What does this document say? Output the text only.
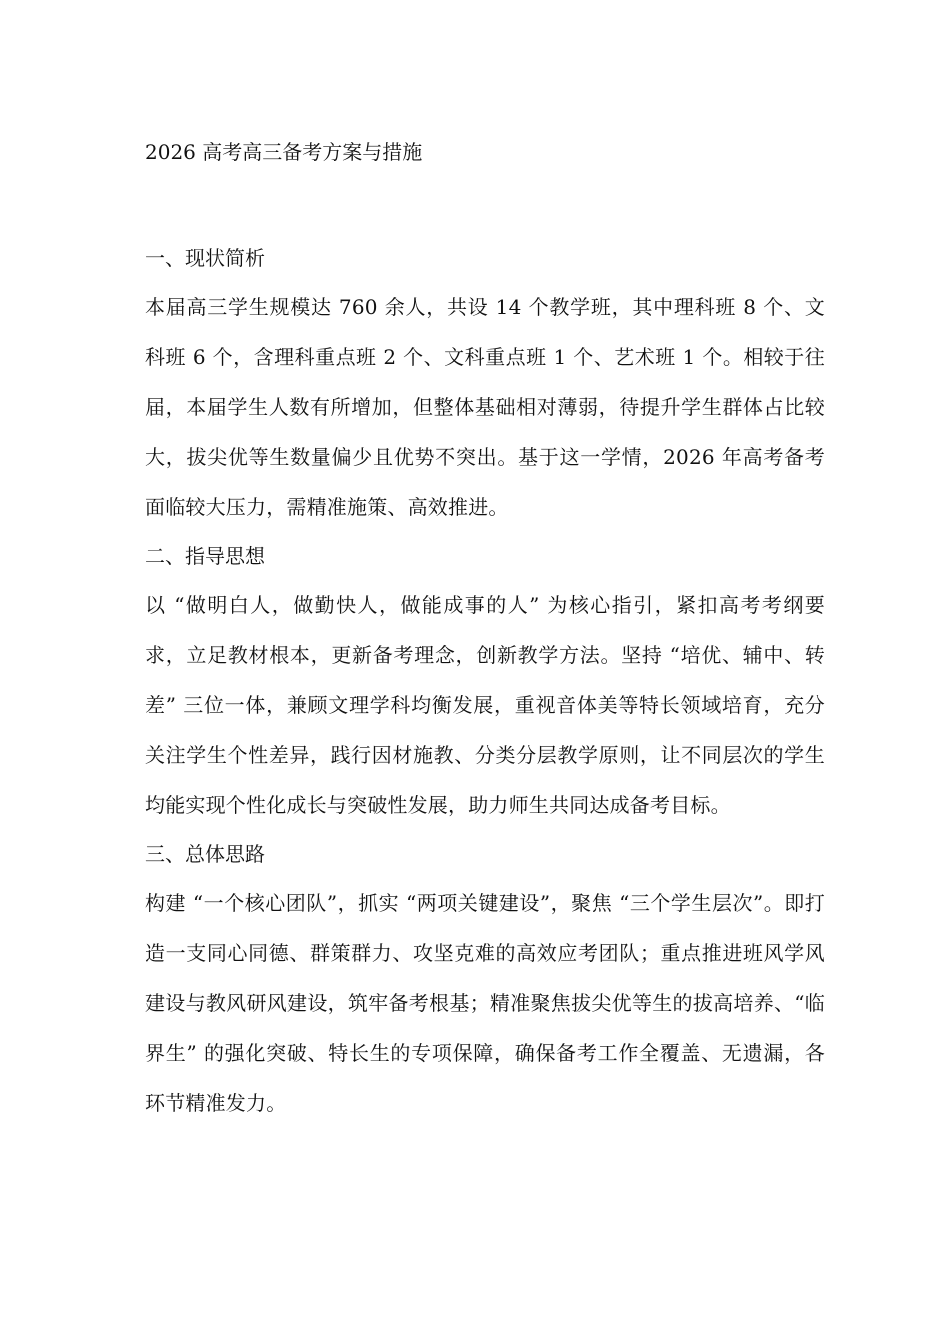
2026 高考高三备考方案与措施
一、现状简析

本届高三学生规模达 760 余人，共设 14 个教学班，其中理科班 8 个、文科班 6 个，含理科重点班 2 个、文科重点班 1 个、艺术班 1 个。相较于往届，本届学生人数有所增加，但整体基础相对薄弱，待提升学生群体占比较大，拔尖优等生数量偏少且优势不突出。基于这一学情，2026 年高考备考面临较大压力，需精准施策、高效推进。

二、指导思想

以 “做明白人，做勤快人，做能成事的人” 为核心指引，紧扣高考考纲要求，立足教材根本，更新备考理念，创新教学方法。坚持 “培优、辅中、转差” 三位一体，兼顾文理学科均衡发展，重视音体美等特长领域培育，充分关注学生个性差异，践行因材施教、分类分层教学原则，让不同层次的学生均能实现个性化成长与突破性发展，助力师生共同达成备考目标。

三、总体思路

构建 “一个核心团队”，抓实 “两项关键建设”，聚焦 “三个学生层次”。即打造一支同心同德、群策群力、攻坚克难的高效应考团队；重点推进班风学风建设与教风研风建设，筑牢备考根基；精准聚焦拔尖优等生的拔高培养、“临界生” 的强化突破、特长生的专项保障，确保备考工作全覆盖、无遗漏，各环节精准发力。
